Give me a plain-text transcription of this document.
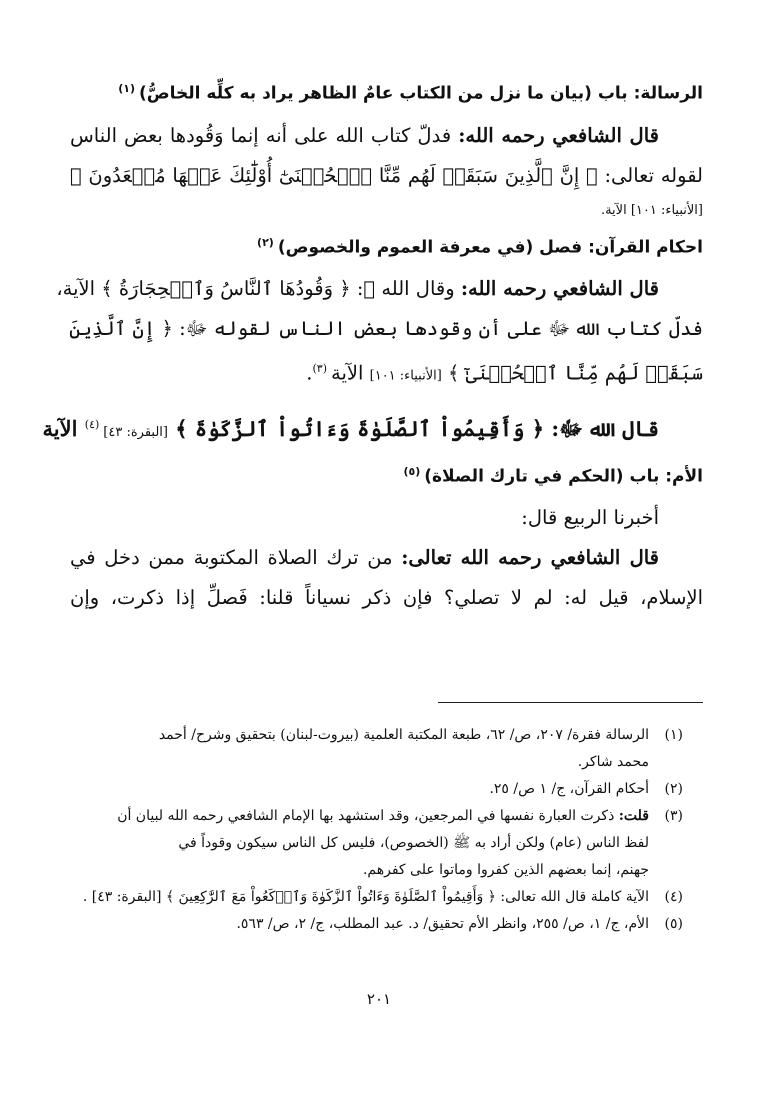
الرسالة: باب (بيان ما نزل من الكتاب عامٌ الظاهر يراد به كلِّه الخاصُّ)$^{(١)}$
قال الشافعي رحمه الله: فدلّ كتاب الله على أنه إنما وَقُودها بعض الناس
لقوله تعالى: ﴿ إِنَّ ٱلَّذِينَ سَبَقَتۡ لَهُم مِّنَّا ٱلۡحُسۡنَىٰٓ أُوْلَٰٓئِكَ عَنۡهَا مُبۡعَدُونَ ﴾
[الأنبياء: ١٠١] الآية.
احكام القرآن: فصل (في معرفة العموم والخصوص)$^{(٢)}$
قال الشافعي رحمه الله: وقال الله ﷻ: ﴿ وَقُودُهَا ٱلنَّاسُ وَٱلۡحِجَارَةُ ﴾ الآية،
فدلّ كتاب الله ﷻ على أن وقودها بعض الناس لقوله ﷻ: ﴿ إِنَّ ٱلَّذِينَ
سَبَقَتۡ لَهُم مِّنَّا ٱلۡحُسۡنَىٰٓ ﴾ [الأنبياء: ١٠١] الآية$^{(٣)}$.
قال الله ﷻ: ﴿ وَأَقِيمُواْ ٱلصَّلَوٰةَ وَءَاتُواْ ٱلزَّكَوٰةَ ﴾ [البقرة: ٤٣]$^{(٤)}$ الآية
الأم: باب (الحكم في تارك الصلاة)$^{(٥)}$
أخبرنا الربيع قال:
قال الشافعي رحمه الله تعالى: من ترك الصلاة المكتوبة ممن دخل في
الإسلام، قيل له: لم لا تصلي؟ فإن ذكر نسياناً قلنا: فَصلِّ إذا ذكرت، وإن
(١)
الرسالة فقرة/ ٢٠٧، ص/ ٦٢، طبعة المكتبة العلمية (بيروت-لبنان) بتحقيق وشرح/ أحمد
محمد شاكر.
(٢)
أحكام القرآن، ج/ ١ ص/ ٢٥.
(٣)
قلت: ذكرت العبارة نفسها في المرجعين، وقد استشهد بها الإمام الشافعي رحمه الله لبيان أن
لفظ الناس (عام) ولكن أراد به ﷺ (الخصوص)، فليس كل الناس سيكون وقوداً في
جهنم، إنما بعضهم الذين كفروا وماتوا على كفرهم.
(٤)
الآية كاملة قال الله تعالى: ﴿ وَأَقِيمُواْ ٱلصَّلَوٰةَ وَءَاتُواْ ٱلزَّكَوٰةَ وَٱرۡكَعُواْ مَعَ ٱلرَّٰكِعِينَ ﴾ [البقرة: ٤٣] .
(٥)
الأم، ج/ ١، ص/ ٢٥٥، وانظر الأم تحقيق/ د. عبد المطلب، ج/ ٢، ص/ ٥٦٣.
٢٠١
